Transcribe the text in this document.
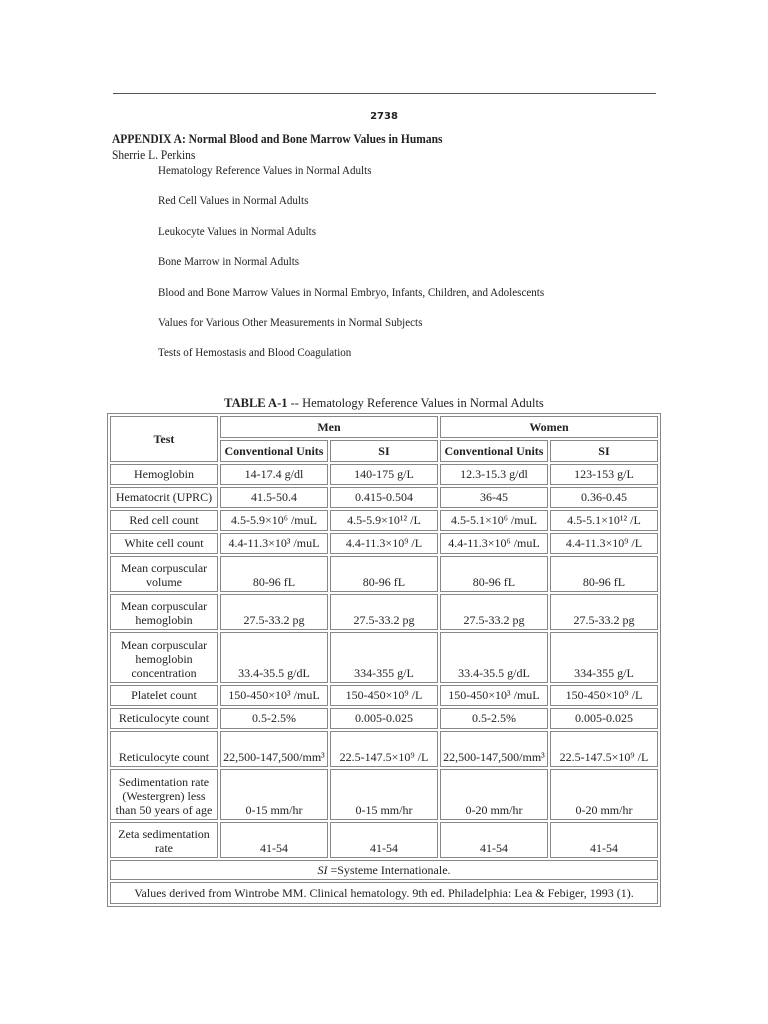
2738
APPENDIX A: Normal Blood and Bone Marrow Values in Humans
Sherrie L. Perkins
Hematology Reference Values in Normal Adults
Red Cell Values in Normal Adults
Leukocyte Values in Normal Adults
Bone Marrow in Normal Adults
Blood and Bone Marrow Values in Normal Embryo, Infants, Children, and Adolescents
Values for Various Other Measurements in Normal Subjects
Tests of Hemostasis and Blood Coagulation
TABLE A-1 -- Hematology Reference Values in Normal Adults
Test	Men		Women	
	Conventional Units	SI	Conventional Units	SI
Hemoglobin	14-17.4 g/dl	140-175 g/L	12.3-15.3 g/dl	123-153 g/L
Hematocrit (UPRC)	41.5-50.4	0.415-0.504	36-45	0.36-0.45
Red cell count	4.5-5.9×10⁶ /muL	4.5-5.9×10¹² /L	4.5-5.1×10⁶ /muL	4.5-5.1×10¹² /L
White cell count	4.4-11.3×10³ /muL	4.4-11.3×10⁹ /L	4.4-11.3×10⁶ /muL	4.4-11.3×10⁹ /L
Mean corpuscular volume	80-96 fL	80-96 fL	80-96 fL	80-96 fL
Mean corpuscular hemoglobin	27.5-33.2 pg	27.5-33.2 pg	27.5-33.2 pg	27.5-33.2 pg
Mean corpuscular hemoglobin concentration	33.4-35.5 g/dL	334-355 g/L	33.4-35.5 g/dL	334-355 g/L
Platelet count	150-450×10³ /muL	150-450×10⁹ /L	150-450×10³ /muL	150-450×10⁹ /L
Reticulocyte count	0.5-2.5%	0.005-0.025	0.5-2.5%	0.005-0.025
Reticulocyte count	22,500-147,500/mm³	22.5-147.5×10⁹ /L	22,500-147,500/mm³	22.5-147.5×10⁹ /L
Sedimentation rate (Westergren) less than 50 years of age	0-15 mm/hr	0-15 mm/hr	0-20 mm/hr	0-20 mm/hr
Zeta sedimentation rate	41-54	41-54	41-54	41-54
SI =Systeme Internationale.				
Values derived from Wintrobe MM. Clinical hematology. 9th ed. Philadelphia: Lea & Febiger, 1993 (1).				
